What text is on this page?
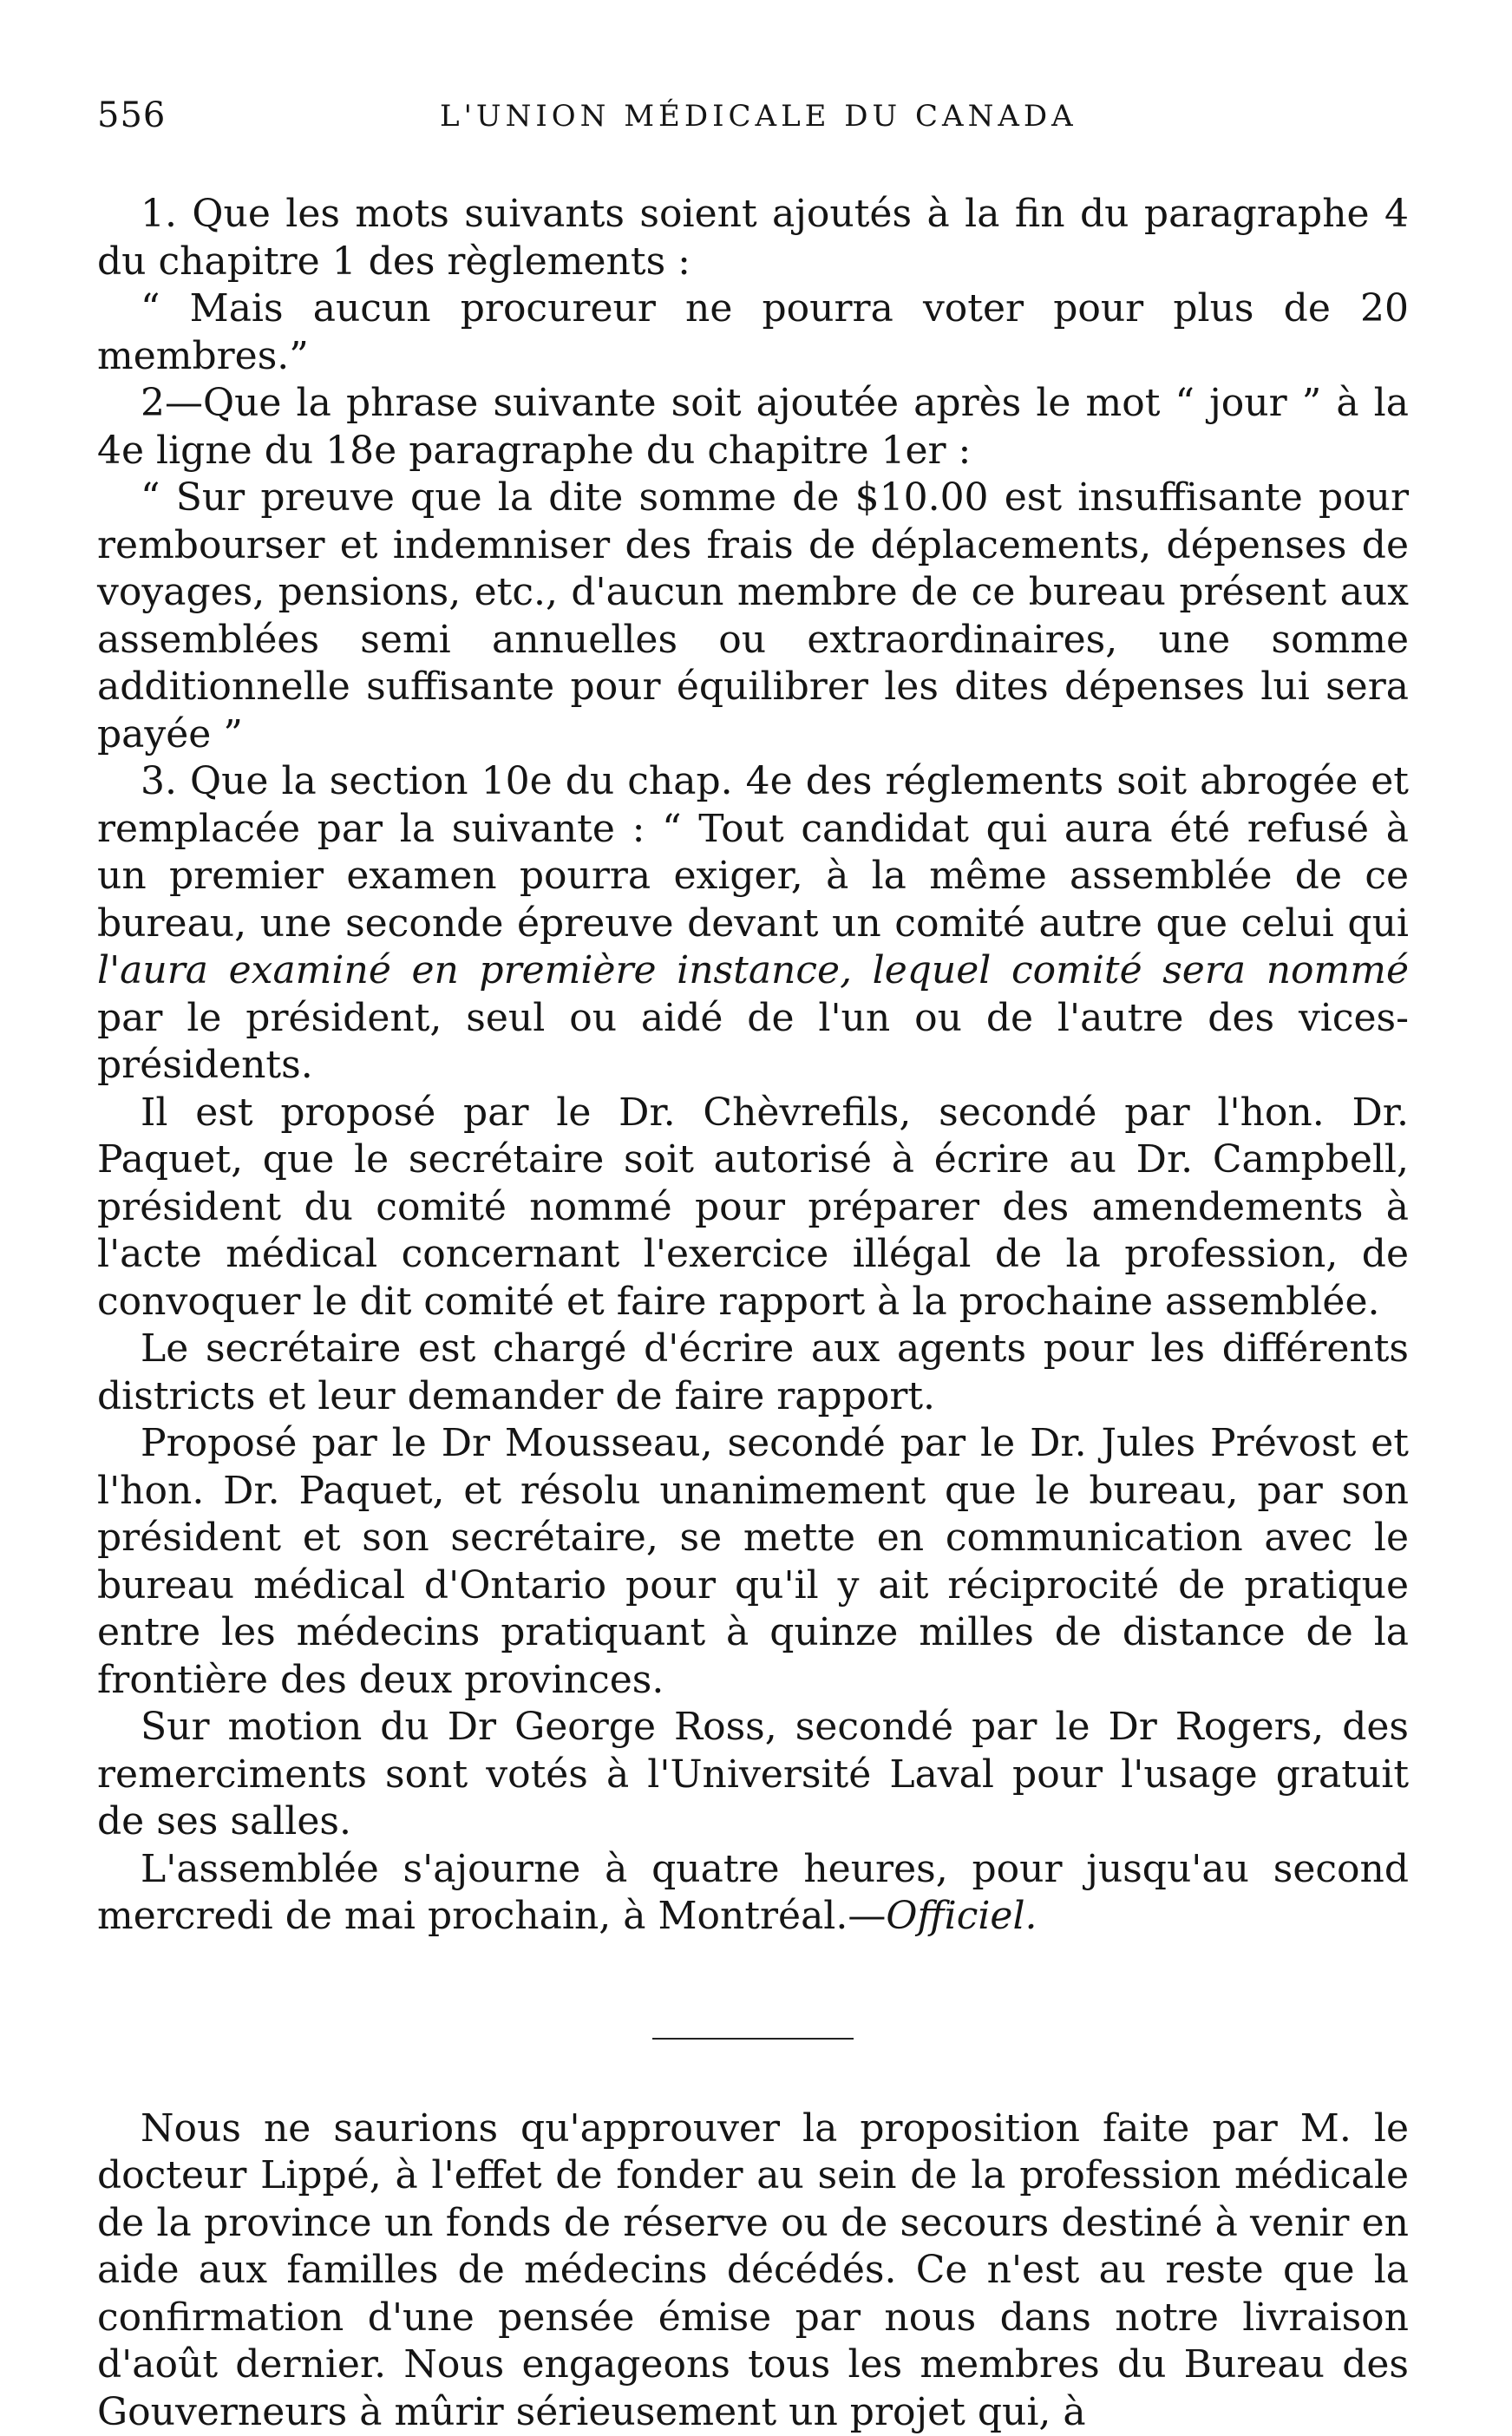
556	L'UNION MÉDICALE DU CANADA

1. Que les mots suivants soient ajoutés à la fin du paragraphe 4 du chapitre 1 des règlements :

“ Mais aucun procureur ne pourra voter pour plus de 20 membres.”

2—Que la phrase suivante soit ajoutée après le mot “ jour ” à la 4e ligne du 18e paragraphe du chapitre 1er :

“ Sur preuve que la dite somme de $10.00 est insuffisante pour rembourser et indemniser des frais de déplacements, dépenses de voyages, pensions, etc., d'aucun membre de ce bureau présent aux assemblées semi annuelles ou extraordinaires, une somme additionnelle suffisante pour équilibrer les dites dépenses lui sera payée ”

3. Que la section 10e du chap. 4e des réglements soit abrogée et remplacée par la suivante : “ Tout candidat qui aura été refusé à un premier examen pourra exiger, à la même assemblée de ce bureau, une seconde épreuve devant un comité autre que celui qui l'aura examiné en première instance, lequel comité sera nommé par le président, seul ou aidé de l'un ou de l'autre des vices-présidents.

Il est proposé par le Dr. Chèvrefils, secondé par l'hon. Dr. Paquet, que le secrétaire soit autorisé à écrire au Dr. Campbell, président du comité nommé pour préparer des amendements à l'acte médical concernant l'exercice illégal de la profession, de convoquer le dit comité et faire rapport à la prochaine assemblée.

Le secrétaire est chargé d'écrire aux agents pour les différents districts et leur demander de faire rapport.

Proposé par le Dr Mousseau, secondé par le Dr. Jules Prévost et l'hon. Dr. Paquet, et résolu unanimement que le bureau, par son président et son secrétaire, se mette en communication avec le bureau médical d'Ontario pour qu'il y ait réciprocité de pratique entre les médecins pratiquant à quinze milles de distance de la frontière des deux provinces.

Sur motion du Dr George Ross, secondé par le Dr Rogers, des remerciments sont votés à l'Université Laval pour l'usage gratuit de ses salles.

L'assemblée s'ajourne à quatre heures, pour jusqu'au second mercredi de mai prochain, à Montréal.—Officiel.

Nous ne saurions qu'approuver la proposition faite par M. le docteur Lippé, à l'effet de fonder au sein de la profession médicale de la province un fonds de réserve ou de secours destiné à venir en aide aux familles de médecins décédés. Ce n'est au reste que la confirmation d'une pensée émise par nous dans notre livraison d'août dernier. Nous engageons tous les membres du Bureau des Gouverneurs à mûrir sérieusement un projet qui, à
